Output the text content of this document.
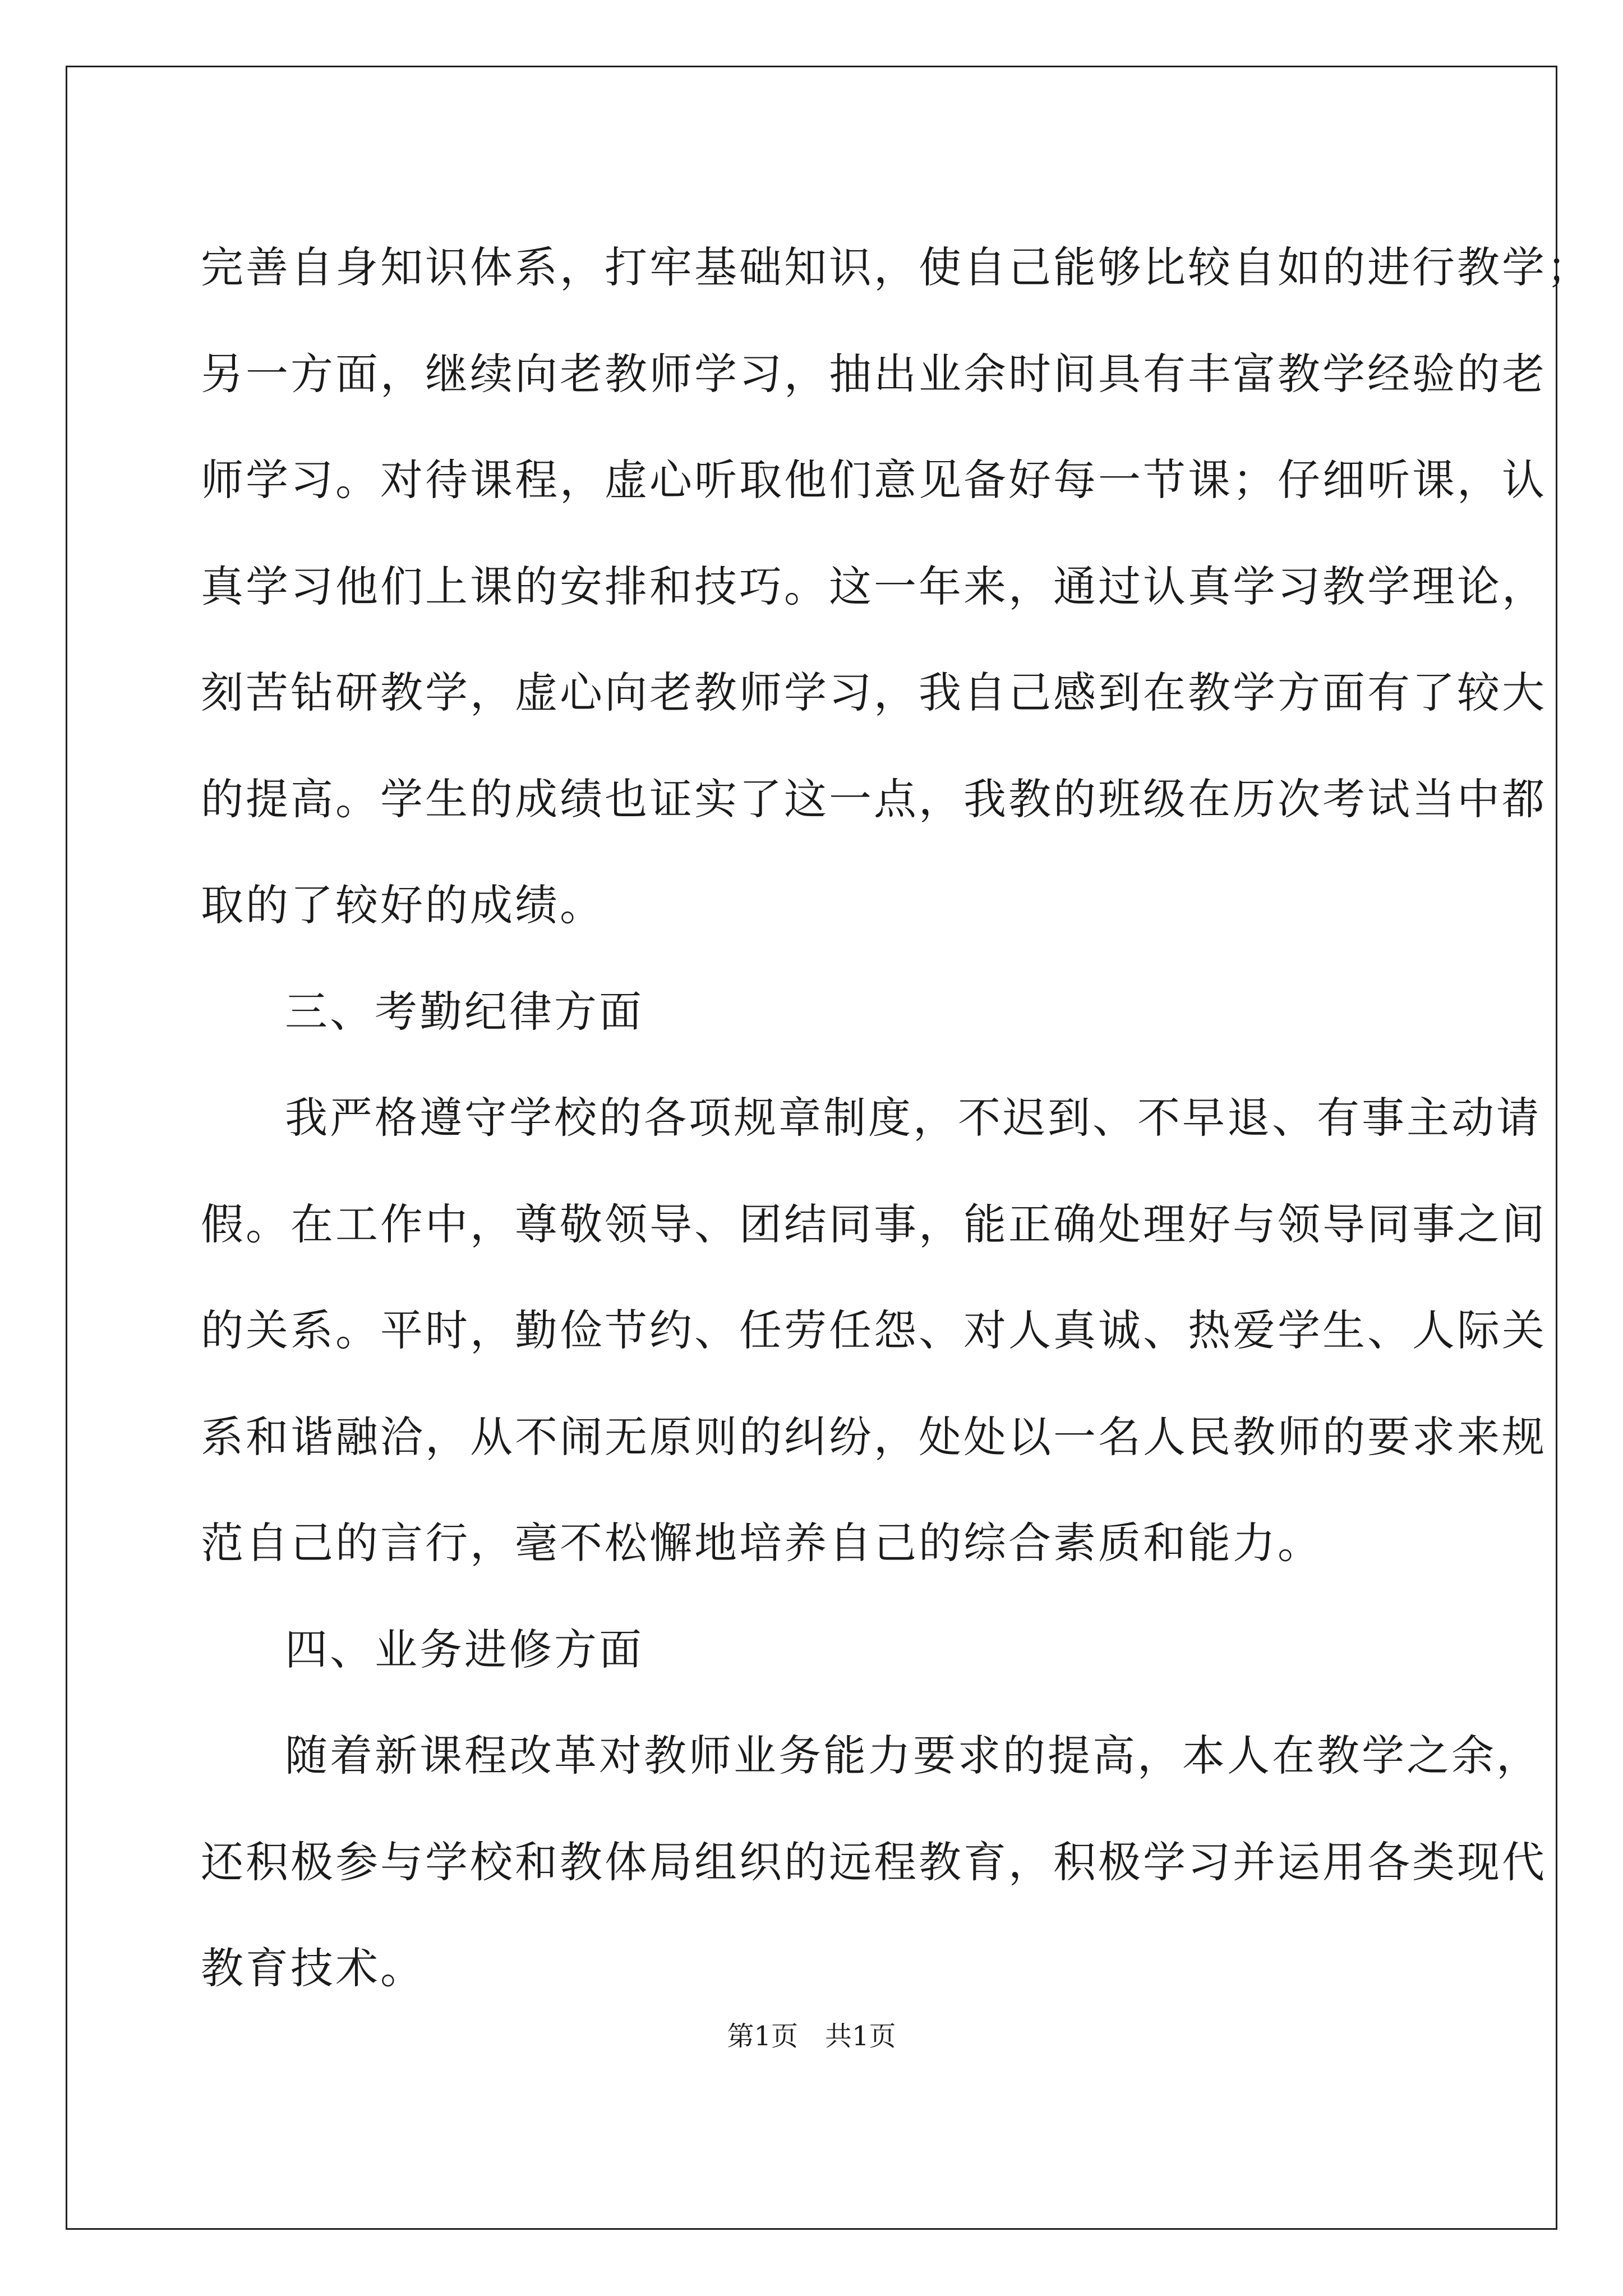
完善自身知识体系，打牢基础知识，使自己能够比较自如的进行教学；
另一方面，继续向老教师学习，抽出业余时间具有丰富教学经验的老
师学习。对待课程，虚心听取他们意见备好每一节课；仔细听课，认
真学习他们上课的安排和技巧。这一年来，通过认真学习教学理论，
刻苦钻研教学，虚心向老教师学习，我自己感到在教学方面有了较大
的提高。学生的成绩也证实了这一点，我教的班级在历次考试当中都
取的了较好的成绩。
三、考勤纪律方面
我严格遵守学校的各项规章制度，不迟到、不早退、有事主动请
假。在工作中，尊敬领导、团结同事，能正确处理好与领导同事之间
的关系。平时，勤俭节约、任劳任怨、对人真诚、热爱学生、人际关
系和谐融洽，从不闹无原则的纠纷，处处以一名人民教师的要求来规
范自己的言行，毫不松懈地培养自己的综合素质和能力。
四、业务进修方面
随着新课程改革对教师业务能力要求的提高，本人在教学之余，
还积极参与学校和教体局组织的远程教育，积极学习并运用各类现代
教育技术。
第1页 共1页
